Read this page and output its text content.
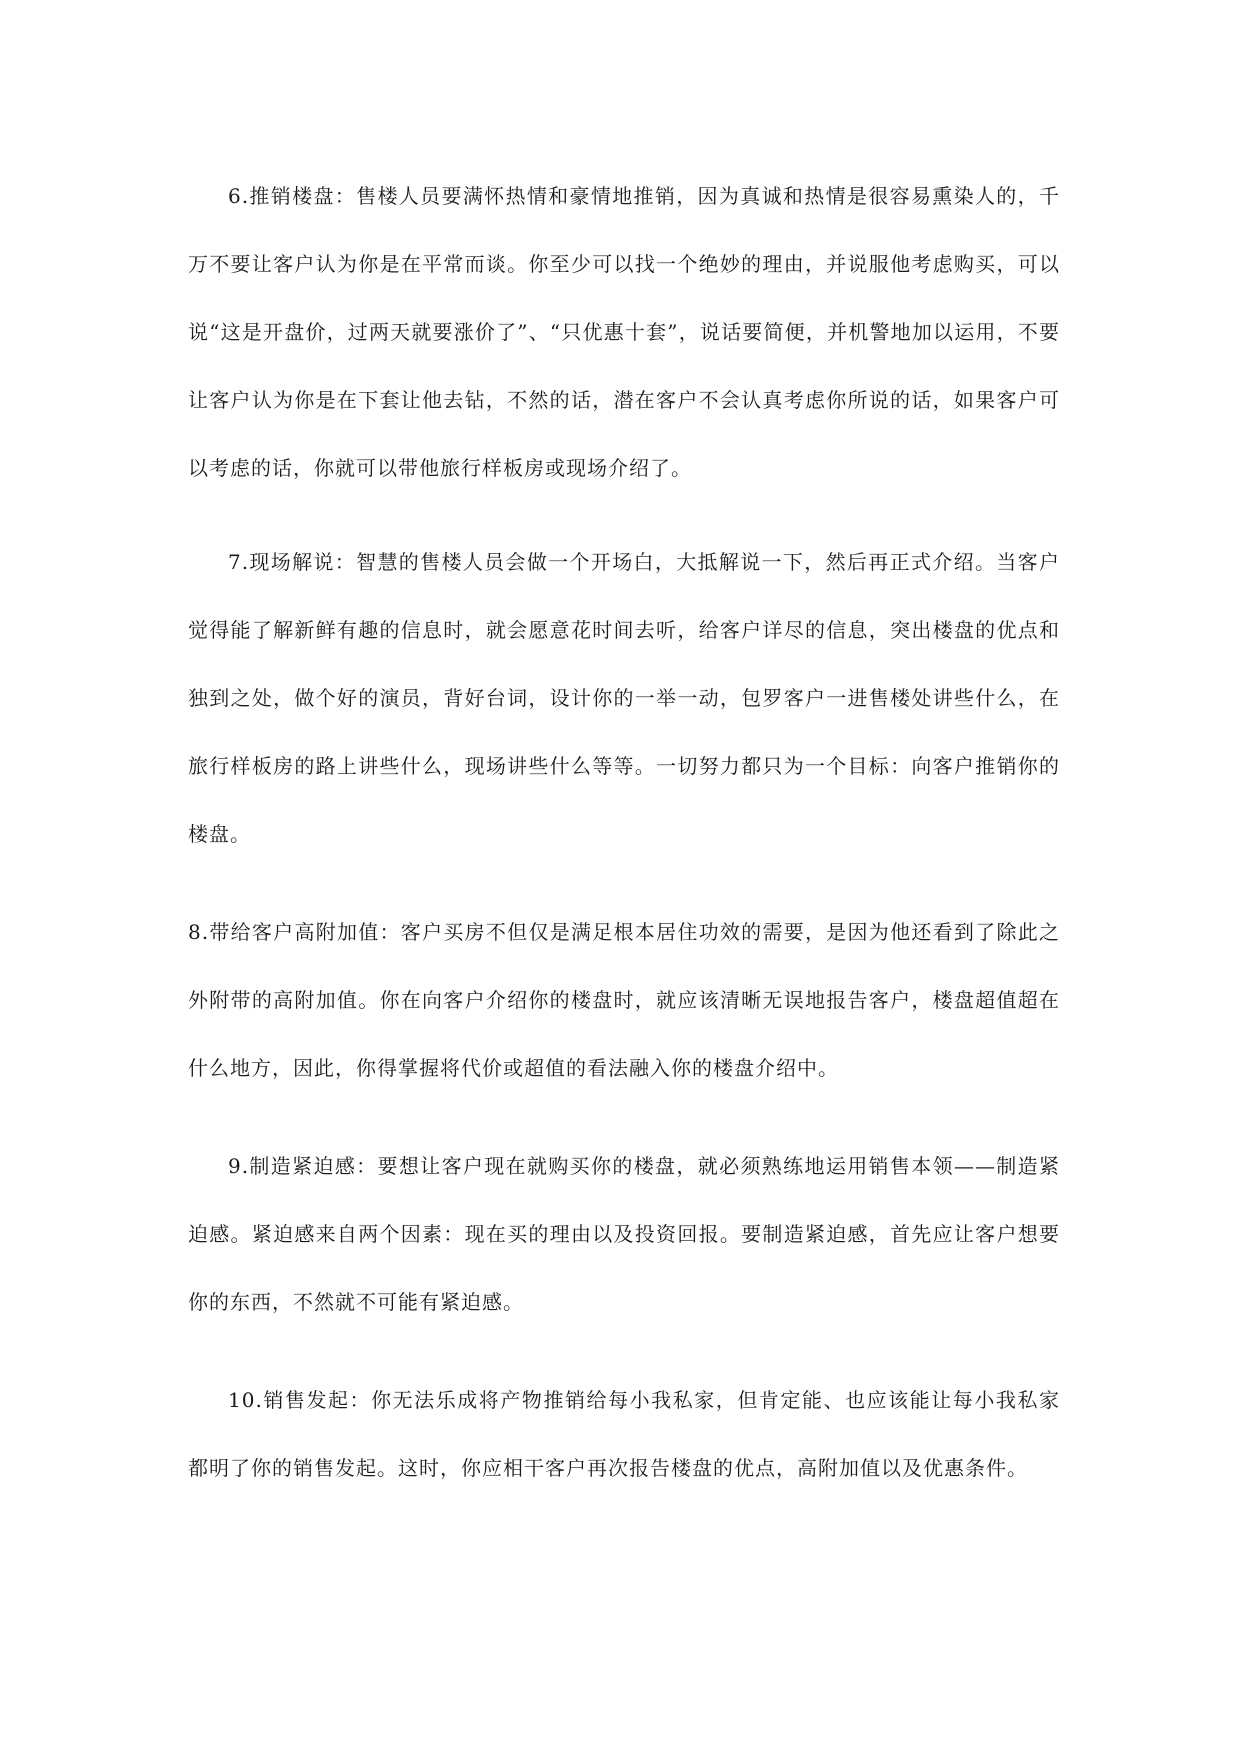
6.推销楼盘：售楼人员要满怀热情和豪情地推销，因为真诚和热情是很容易熏染人的，千万不要让客户认为你是在平常而谈。你至少可以找一个绝妙的理由，并说服他考虑购买，可以说“这是开盘价，过两天就要涨价了”、“只优惠十套”，说话要简便，并机警地加以运用，不要让客户认为你是在下套让他去钻，不然的话，潜在客户不会认真考虑你所说的话，如果客户可以考虑的话，你就可以带他旅行样板房或现场介绍了。

7.现场解说：智慧的售楼人员会做一个开场白，大抵解说一下，然后再正式介绍。当客户觉得能了解新鲜有趣的信息时，就会愿意花时间去听，给客户详尽的信息，突出楼盘的优点和独到之处，做个好的演员，背好台词，设计你的一举一动，包罗客户一进售楼处讲些什么，在旅行样板房的路上讲些什么，现场讲些什么等等。一切努力都只为一个目标：向客户推销你的楼盘。

8.带给客户高附加值：客户买房不但仅是满足根本居住功效的需要，是因为他还看到了除此之外附带的高附加值。你在向客户介绍你的楼盘时，就应该清晰无误地报告客户，楼盘超值超在什么地方，因此，你得掌握将代价或超值的看法融入你的楼盘介绍中。

9.制造紧迫感：要想让客户现在就购买你的楼盘，就必须熟练地运用销售本领——制造紧迫感。紧迫感来自两个因素：现在买的理由以及投资回报。要制造紧迫感，首先应让客户想要你的东西，不然就不可能有紧迫感。

10.销售发起：你无法乐成将产物推销给每小我私家，但肯定能、也应该能让每小我私家都明了你的销售发起。这时，你应相干客户再次报告楼盘的优点，高附加值以及优惠条件。
